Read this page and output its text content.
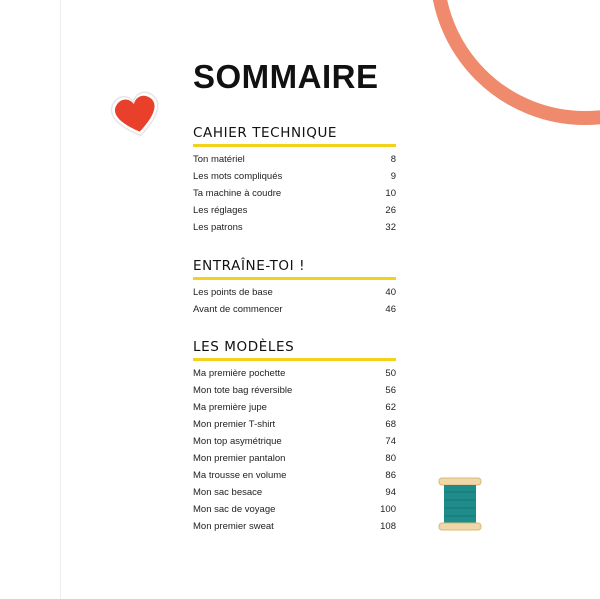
SOMMAIRE
CAHIER TECHNIQUE
Ton matériel	8
Les mots compliqués	9
Ta machine à coudre	10
Les réglages	26
Les patrons	32
ENTRAÎNE-TOI !
Les points de base	40
Avant de commencer	46
LES MODÈLES
Ma première pochette	50
Mon tote bag réversible	56
Ma première jupe	62
Mon premier T-shirt	68
Mon top asymétrique	74
Mon premier pantalon	80
Ma trousse en volume	86
Mon sac besace	94
Mon sac de voyage	100
Mon premier sweat	108
